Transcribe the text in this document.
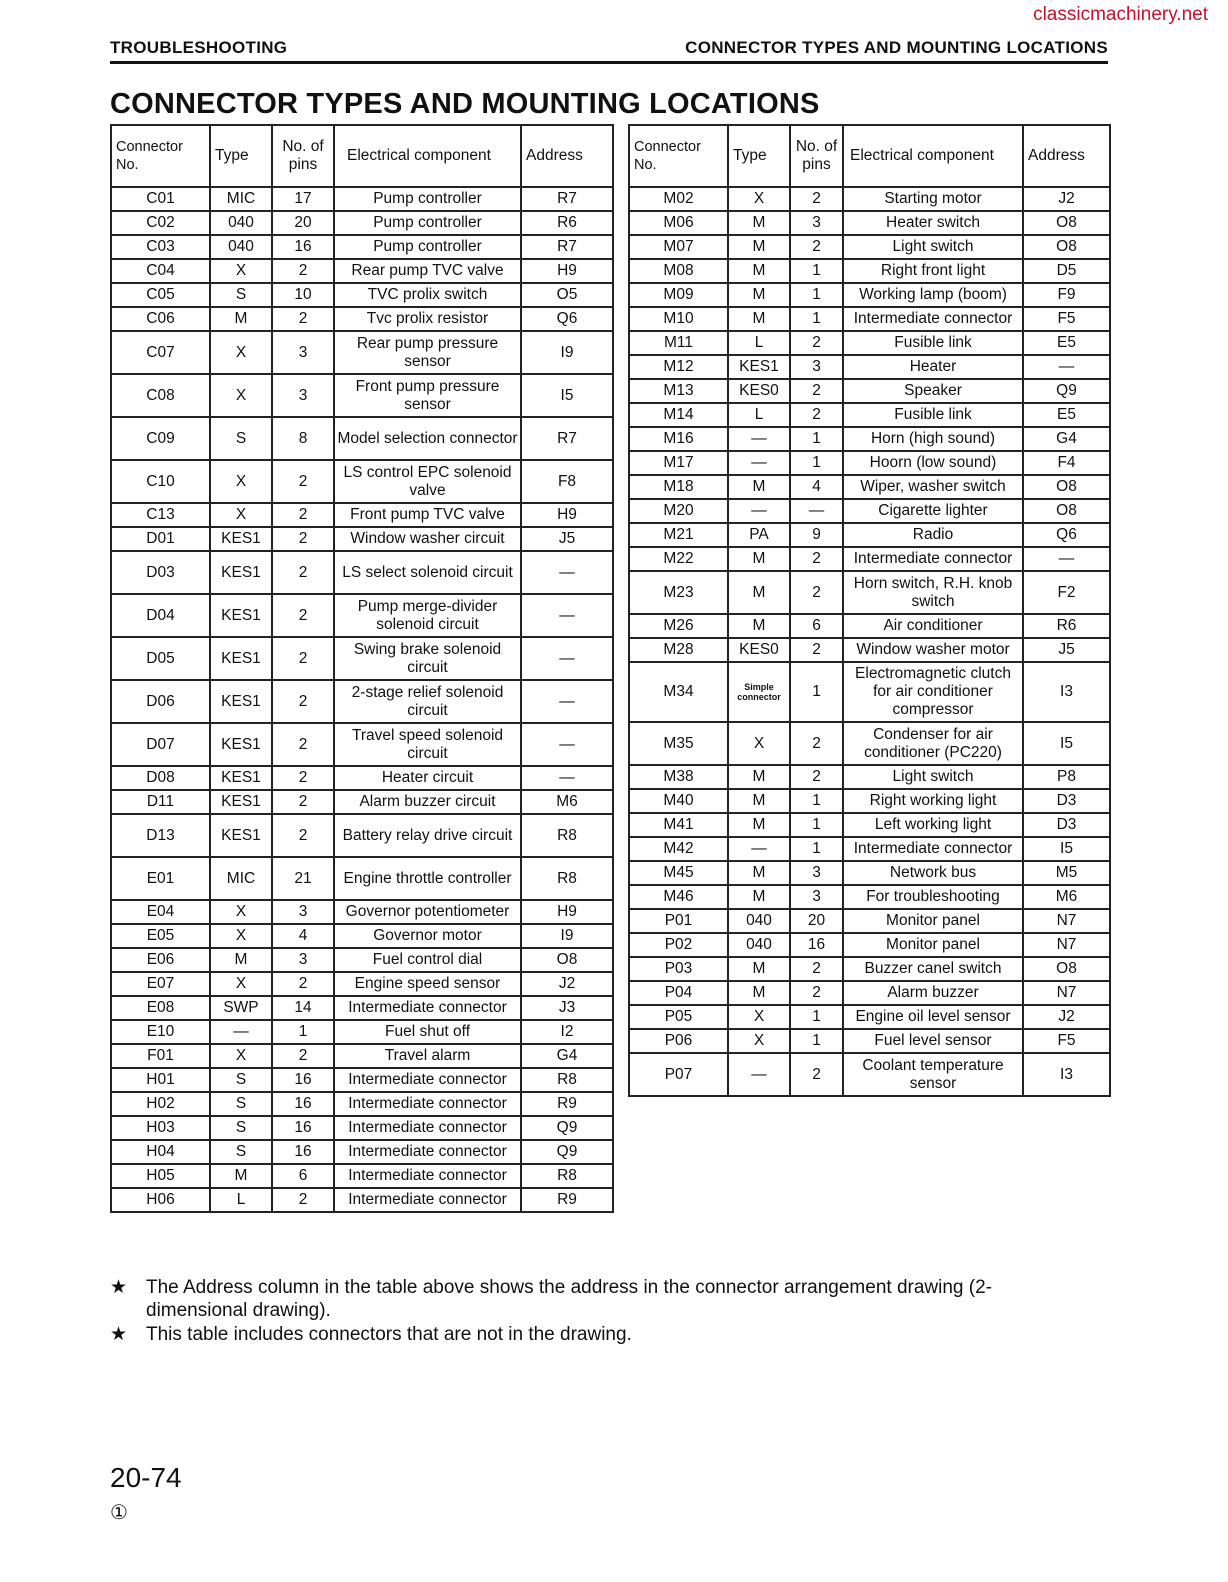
classicmachinery.net
TROUBLESHOOTING	CONNECTOR TYPES AND MOUNTING LOCATIONS
CONNECTOR TYPES AND MOUNTING LOCATIONS
Connector No.	Type	No. of pins	Electrical component	Address
C01	MIC	17	Pump controller	R7
C02	040	20	Pump controller	R6
C03	040	16	Pump controller	R7
C04	X	2	Rear pump TVC valve	H9
C05	S	10	TVC prolix switch	O5
C06	M	2	Tvc prolix resistor	Q6
C07	X	3	Rear pump pressure sensor	I9
C08	X	3	Front pump pressure sensor	I5
C09	S	8	Model selection connector	R7
C10	X	2	LS control EPC solenoid valve	F8
C13	X	2	Front pump TVC valve	H9
D01	KES1	2	Window washer circuit	J5
D03	KES1	2	LS select solenoid circuit	—
D04	KES1	2	Pump merge-divider solenoid circuit	—
D05	KES1	2	Swing brake solenoid circuit	—
D06	KES1	2	2-stage relief solenoid circuit	—
D07	KES1	2	Travel speed solenoid circuit	—
D08	KES1	2	Heater circuit	—
D11	KES1	2	Alarm buzzer circuit	M6
D13	KES1	2	Battery relay drive circuit	R8
E01	MIC	21	Engine throttle controller	R8
E04	X	3	Governor potentiometer	H9
E05	X	4	Governor motor	I9
E06	M	3	Fuel control dial	O8
E07	X	2	Engine speed sensor	J2
E08	SWP	14	Intermediate connector	J3
E10	—	1	Fuel shut off	I2
F01	X	2	Travel alarm	G4
H01	S	16	Intermediate connector	R8
H02	S	16	Intermediate connector	R9
H03	S	16	Intermediate connector	Q9
H04	S	16	Intermediate connector	Q9
H05	M	6	Intermediate connector	R8
H06	L	2	Intermediate connector	R9
Connector No.	Type	No. of pins	Electrical component	Address
M02	X	2	Starting motor	J2
M06	M	3	Heater switch	O8
M07	M	2	Light switch	O8
M08	M	1	Right front light	D5
M09	M	1	Working lamp (boom)	F9
M10	M	1	Intermediate connector	F5
M11	L	2	Fusible link	E5
M12	KES1	3	Heater	—
M13	KES0	2	Speaker	Q9
M14	L	2	Fusible link	E5
M16	—	1	Horn (high sound)	G4
M17	—	1	Hoorn (low sound)	F4
M18	M	4	Wiper, washer switch	O8
M20	—	—	Cigarette lighter	O8
M21	PA	9	Radio	Q6
M22	M	2	Intermediate connector	—
M23	M	2	Horn switch, R.H. knob switch	F2
M26	M	6	Air conditioner	R6
M28	KES0	2	Window washer motor	J5
M34	Simple connector	1	Electromagnetic clutch for air conditioner compressor	I3
M35	X	2	Condenser for air conditioner (PC220)	I5
M38	M	2	Light switch	P8
M40	M	1	Right working light	D3
M41	M	1	Left working light	D3
M42	—	1	Intermediate connector	I5
M45	M	3	Network bus	M5
M46	M	3	For troubleshooting	M6
P01	040	20	Monitor panel	N7
P02	040	16	Monitor panel	N7
P03	M	2	Buzzer canel switch	O8
P04	M	2	Alarm buzzer	N7
P05	X	1	Engine oil level sensor	J2
P06	X	1	Fuel level sensor	F5
P07	—	2	Coolant temperature sensor	I3
★ The Address column in the table above shows the address in the connector arrangement drawing (2-dimensional drawing).
★ This table includes connectors that are not in the drawing.
20-74
①
